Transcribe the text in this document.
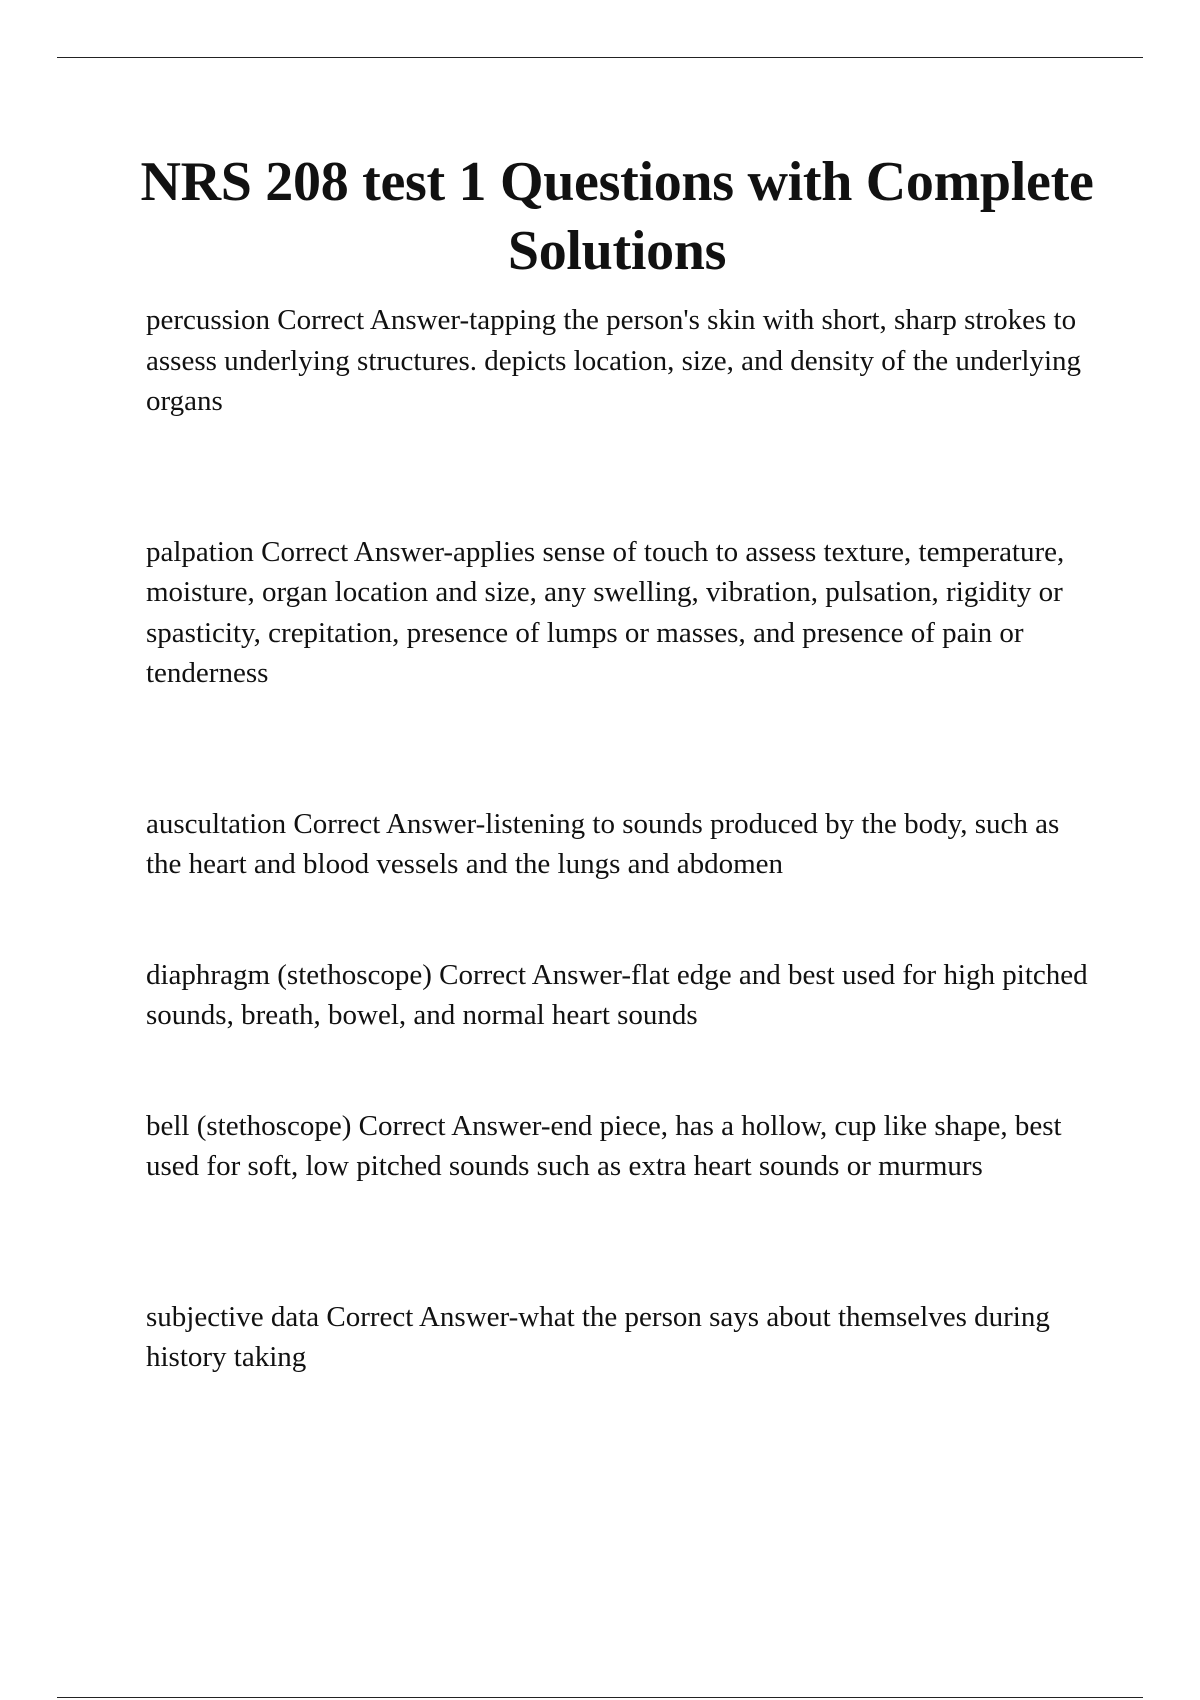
NRS 208 test 1 Questions with Complete Solutions

percussion Correct Answer-tapping the person's skin with short, sharp strokes to assess underlying structures. depicts location, size, and density of the underlying organs

palpation Correct Answer-applies sense of touch to assess texture, temperature, moisture, organ location and size, any swelling, vibration, pulsation, rigidity or spasticity, crepitation, presence of lumps or masses, and presence of pain or tenderness

auscultation Correct Answer-listening to sounds produced by the body, such as the heart and blood vessels and the lungs and abdomen

diaphragm (stethoscope) Correct Answer-flat edge and best used for high pitched sounds, breath, bowel, and normal heart sounds

bell (stethoscope) Correct Answer-end piece, has a hollow, cup like shape, best used for soft, low pitched sounds such as extra heart sounds or murmurs

subjective data Correct Answer-what the person says about themselves during history taking
